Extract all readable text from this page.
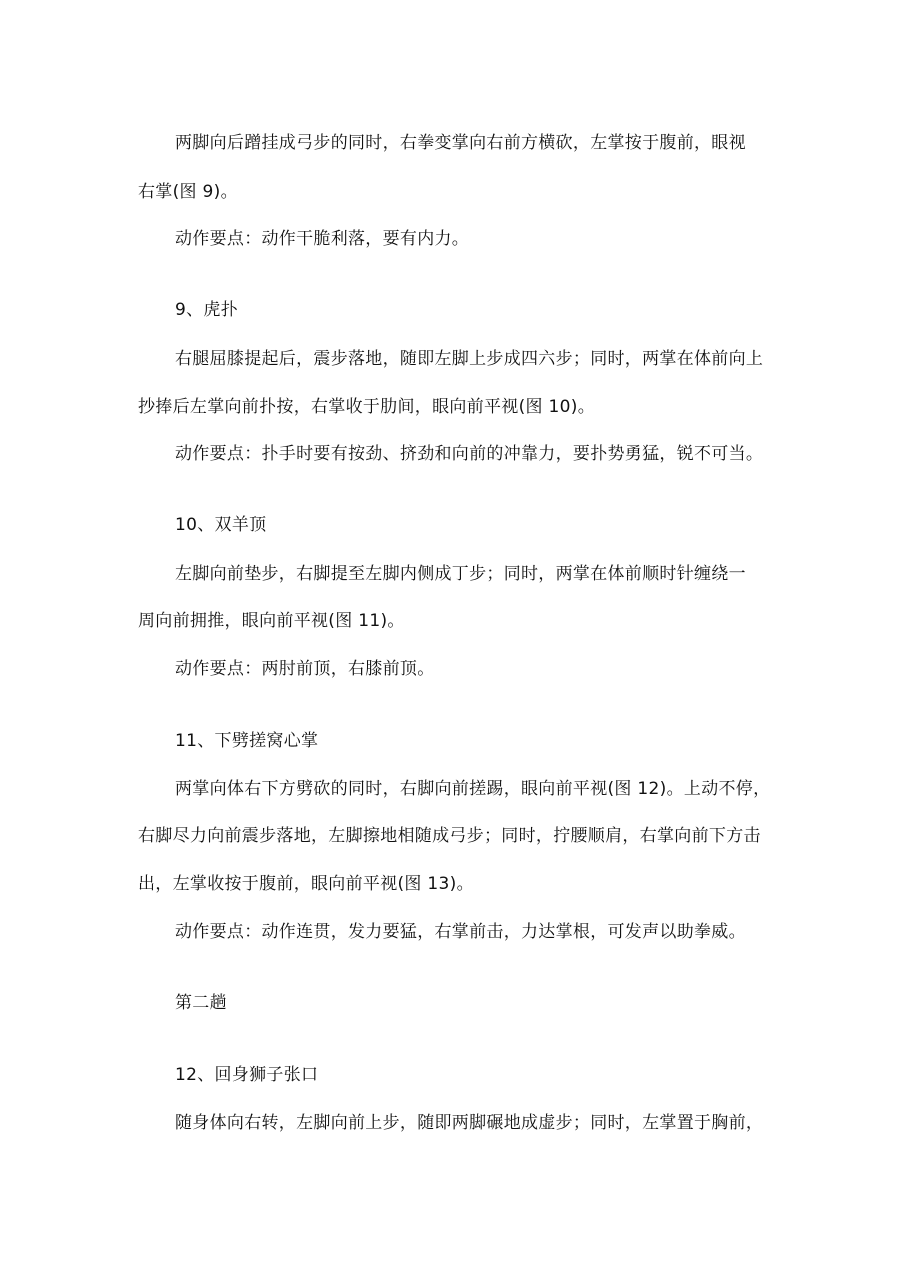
两脚向后蹭挂成弓步的同时，右拳变掌向右前方横砍，左掌按于腹前，眼视
右掌(图 9)。
动作要点：动作干脆利落，要有内力。
9、虎扑
右腿屈膝提起后，震步落地，随即左脚上步成四六步；同时，两掌在体前向上
抄捧后左掌向前扑按，右掌收于肋间，眼向前平视(图 10)。
动作要点：扑手时要有按劲、挤劲和向前的冲靠力，要扑势勇猛，锐不可当。
10、双羊顶
左脚向前垫步，右脚提至左脚内侧成丁步；同时，两掌在体前顺时针缠绕一
周向前拥推，眼向前平视(图 11)。
动作要点：两肘前顶，右膝前顶。
11、下劈搓窝心掌
两掌向体右下方劈砍的同时，右脚向前搓踢，眼向前平视(图 12)。上动不停，
右脚尽力向前震步落地，左脚擦地相随成弓步；同时，拧腰顺肩，右掌向前下方击
出，左掌收按于腹前，眼向前平视(图 13)。
动作要点：动作连贯，发力要猛，右掌前击，力达掌根，可发声以助拳威。
第二趟
12、回身狮子张口
随身体向右转，左脚向前上步，随即两脚碾地成虚步；同时，左掌置于胸前，
